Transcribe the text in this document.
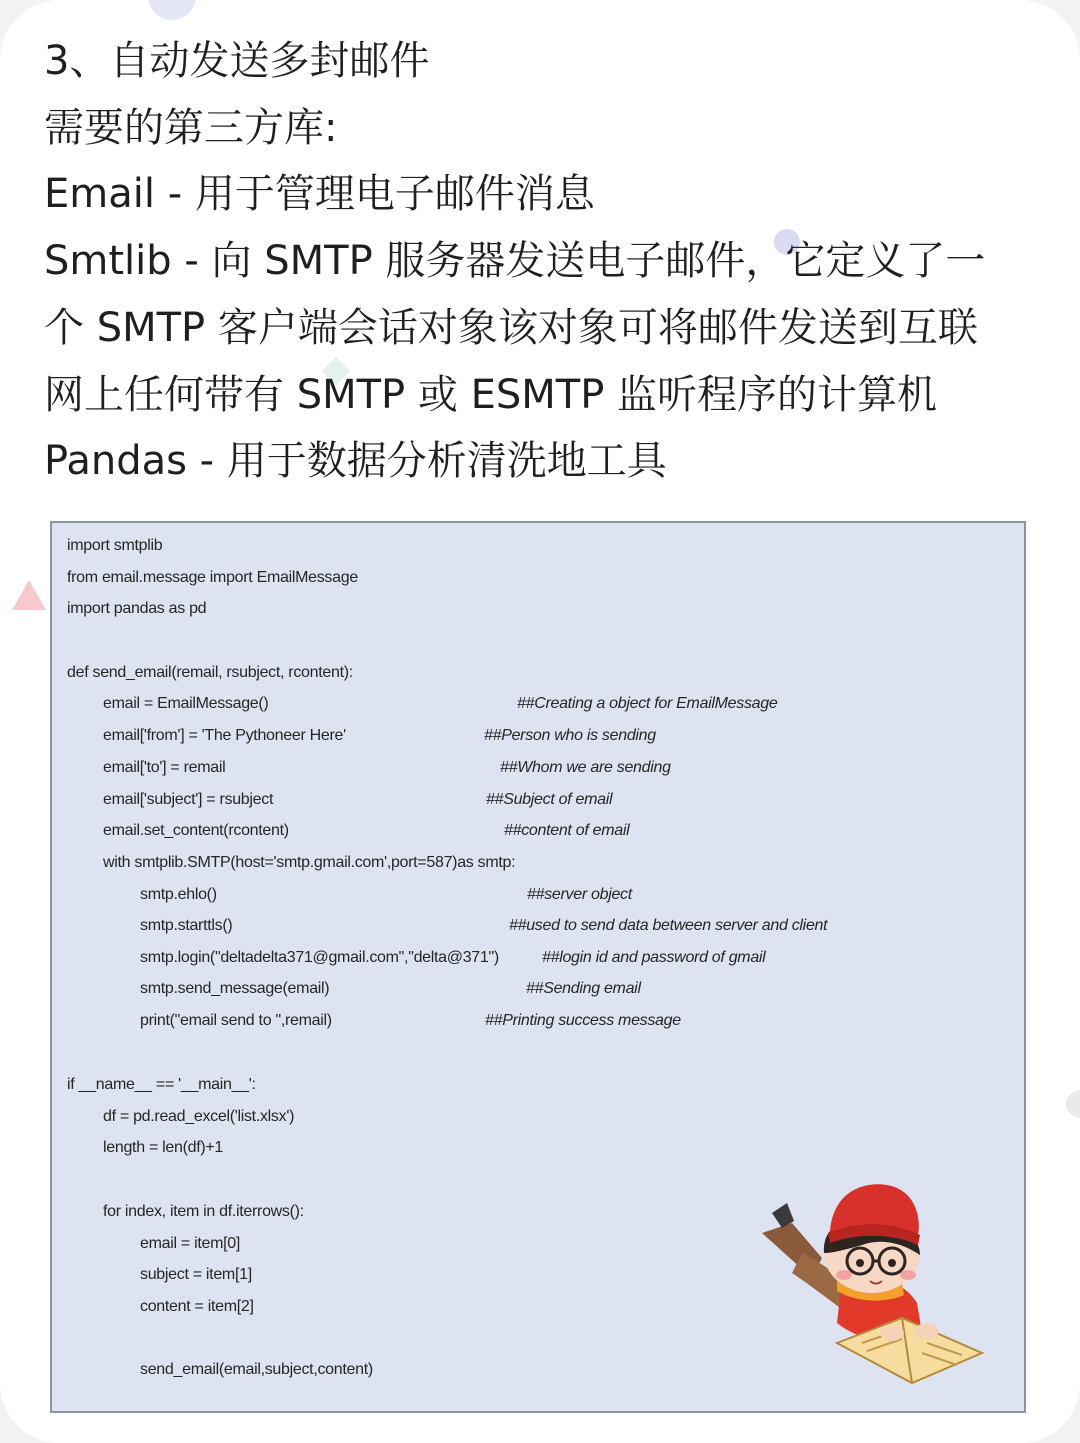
3、自动发送多封邮件
需要的第三方库:
Email - 用于管理电子邮件消息
Smtlib - 向 SMTP 服务器发送电子邮件，它定义了一
个 SMTP 客户端会话对象该对象可将邮件发送到互联
网上任何带有 SMTP 或 ESMTP 监听程序的计算机
Pandas - 用于数据分析清洗地工具
import smtplib
from email.message import EmailMessage
import pandas as pd
def send_email(remail, rsubject, rcontent):
email = EmailMessage()	##Creating a object for EmailMessage
email['from'] = 'The Pythoneer Here'	##Person who is sending
email['to'] = remail	##Whom we are sending
email['subject'] = rsubject	##Subject of email
email.set_content(rcontent)	##content of email
with smtplib.SMTP(host='smtp.gmail.com',port=587)as smtp:
smtp.ehlo()	##server object
smtp.starttls()	##used to send data between server and client
smtp.login("deltadelta371@gmail.com","delta@371")	##login id and password of gmail
smtp.send_message(email)	##Sending email
print("email send to ",remail)	##Printing success message
if __name__ == '__main__':
df = pd.read_excel('list.xlsx')
length = len(df)+1
for index, item in df.iterrows():
email = item[0]
subject = item[1]
content = item[2]
send_email(email,subject,content)
